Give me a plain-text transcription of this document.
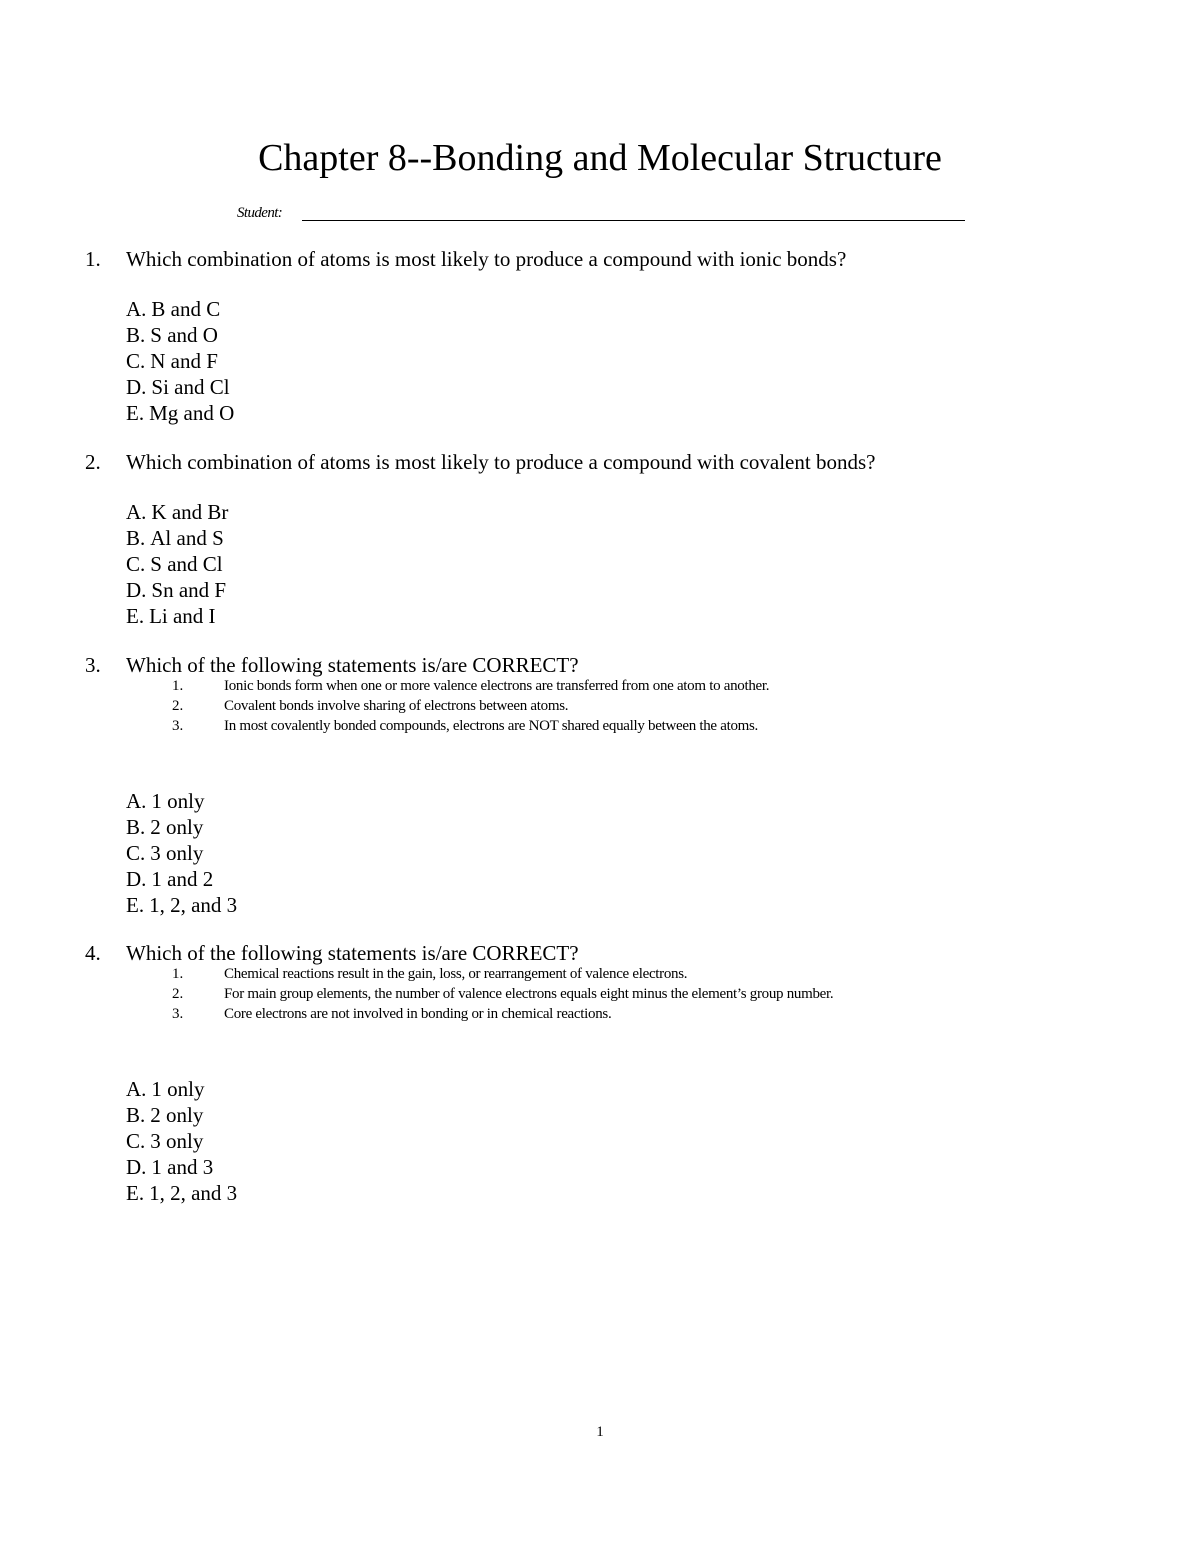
Chapter 8--Bonding and Molecular Structure
Student:
1. Which combination of atoms is most likely to produce a compound with ionic bonds?
A. B and C
B. S and O
C. N and F
D. Si and Cl
E. Mg and O
2. Which combination of atoms is most likely to produce a compound with covalent bonds?
A. K and Br
B. Al and S
C. S and Cl
D. Sn and F
E. Li and I
3. Which of the following statements is/are CORRECT?
1.	Ionic bonds form when one or more valence electrons are transferred from one atom to another.
2.	Covalent bonds involve sharing of electrons between atoms.
3.	In most covalently bonded compounds, electrons are NOT shared equally between the atoms.
A. 1 only
B. 2 only
C. 3 only
D. 1 and 2
E. 1, 2, and 3
4. Which of the following statements is/are CORRECT?
1.	Chemical reactions result in the gain, loss, or rearrangement of valence electrons.
2.	For main group elements, the number of valence electrons equals eight minus the element’s group number.
3.	Core electrons are not involved in bonding or in chemical reactions.
A. 1 only
B. 2 only
C. 3 only
D. 1 and 3
E. 1, 2, and 3
1
